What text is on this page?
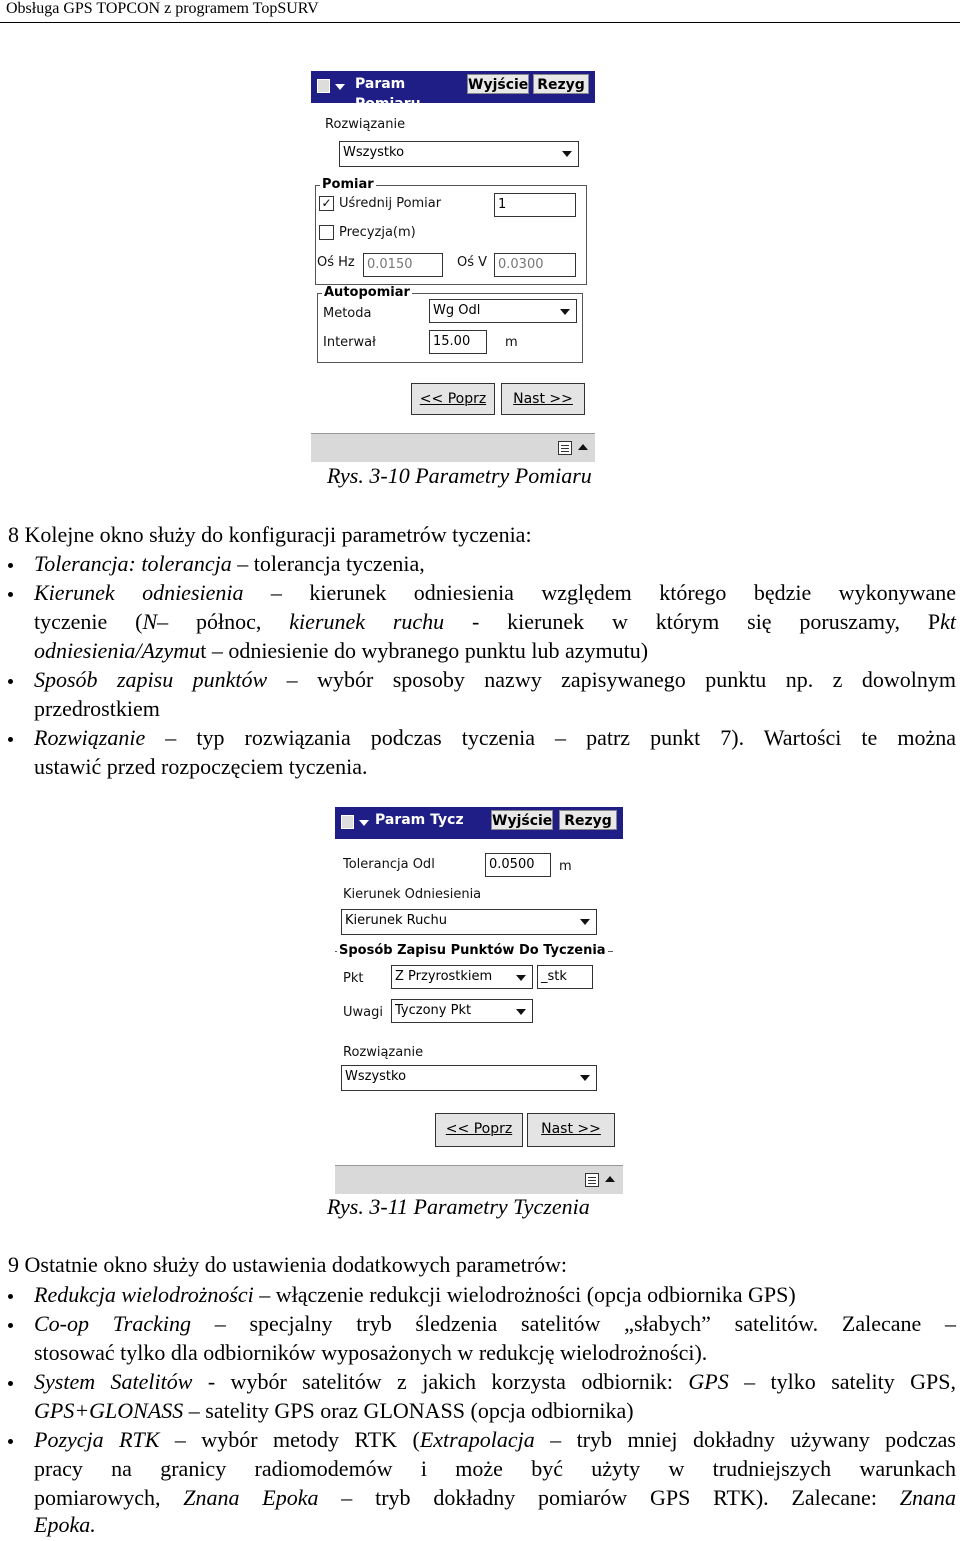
Obsługa GPS TOPCON z programem TopSURV
Param Pomiaru
Wyjście Rezyg
Rozwiązanie
Wszystko
Pomiar
✓ Uśrednij Pomiar	1
Precyzja(m)
Oś Hz 0.0150	Oś V 0.0300
Autopomiar
Metoda	Wg Odl
Interwał	15.00	m
<< Poprz	Nast >>
Rys. 3-10 Parametry Pomiaru
8 Kolejne okno służy do konfiguracji parametrów tyczenia:
Tolerancja: tolerancja – tolerancja tyczenia,
Kierunek odniesienia – kierunek odniesienia względem którego będzie wykonywane
tyczenie (N– północ, kierunek ruchu - kierunek w którym się poruszamy, Pkt
odniesienia/Azymut – odniesienie do wybranego punktu lub azymutu)
Sposób zapisu punktów – wybór sposoby nazwy zapisywanego punktu np. z dowolnym
przedrostkiem
Rozwiązanie – typ rozwiązania podczas tyczenia – patrz punkt 7). Wartości te można
ustawić przed rozpoczęciem tyczenia.
Param Tycz	Wyjście Rezyg
Tolerancja Odl	0.0500	m
Kierunek Odniesienia
Kierunek Ruchu
Sposób Zapisu Punktów Do Tyczenia
Pkt	Z Przyrostkiem	_stk
Uwagi Tyczony Pkt
Rozwiązanie
Wszystko
<< Poprz	Nast >>
Rys. 3-11 Parametry Tyczenia
9 Ostatnie okno służy do ustawienia dodatkowych parametrów:
Redukcja wielodrożności – włączenie redukcji wielodrożności (opcja odbiornika GPS)
Co-op Tracking – specjalny tryb śledzenia satelitów „słabych” satelitów. Zalecane –
stosować tylko dla odbiorników wyposażonych w redukcję wielodrożności).
System Satelitów - wybór satelitów z jakich korzysta odbiornik: GPS – tylko satelity GPS,
GPS+GLONASS – satelity GPS oraz GLONASS (opcja odbiornika)
Pozycja RTK – wybór metody RTK (Extrapolacja – tryb mniej dokładny używany podczas
pracy na granicy radiomodemów i może być użyty w trudniejszych warunkach
pomiarowych, Znana Epoka – tryb dokładny pomiarów GPS RTK). Zalecane: Znana
Epoka.
